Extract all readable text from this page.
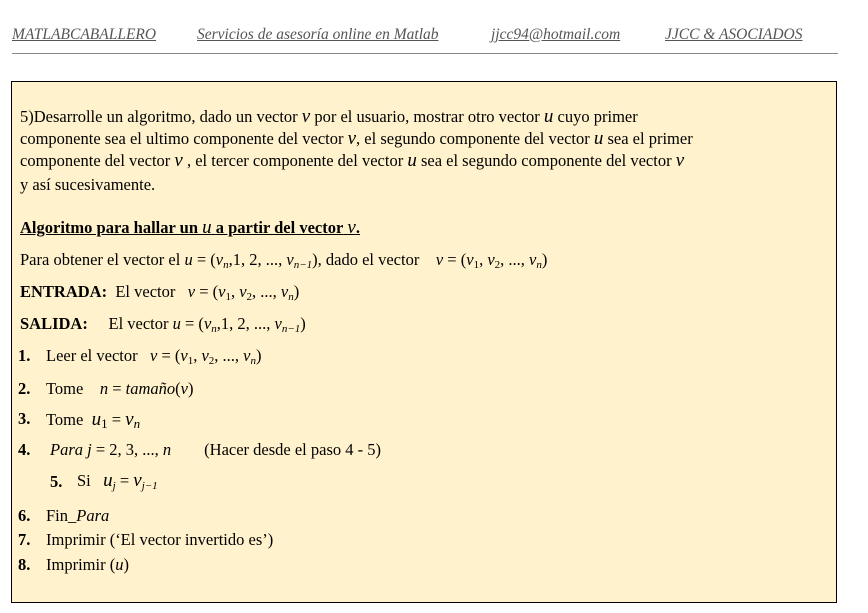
MATLABCABALLERO	Servicios de asesoría online en Matlab	jjcc94@hotmail.com	JJCC & ASOCIADOS
5)Desarrolle un algoritmo, dado un vector v por el usuario, mostrar otro vector u cuyo primer
componente sea el ultimo componente del vector v, el segundo componente del vector u sea el primer
componente del vector v , el tercer componente del vector u sea el segundo componente del vector v
y así sucesivamente.
Algoritmo para hallar un u a partir del vector v.
Para obtener el vector el $u = (v_n,1$, 2, ..., $v_{n-1}$), dado el vector $v = (v_1$, $v_2$, ..., $v_n$)
ENTRADA: El vector $v = (v_1$, $v_2$, ..., $v_n$)
SALIDA: El vector $u = (v_n,1$, 2, ..., $v_{n-1}$)
1. Leer el vector $v = (v_1$, $v_2$, ..., $v_n$)
2. Tome n = tamaño(v)
3. Tome $u_1 = v_n$
4. Para j = 2, 3, ..., n (Hacer desde el paso 4 - 5)
5. Si $u_j = v_{j-1}$
6. Fin_Para
7. Imprimir (‘El vector invertido es’)
8. Imprimir (u)
